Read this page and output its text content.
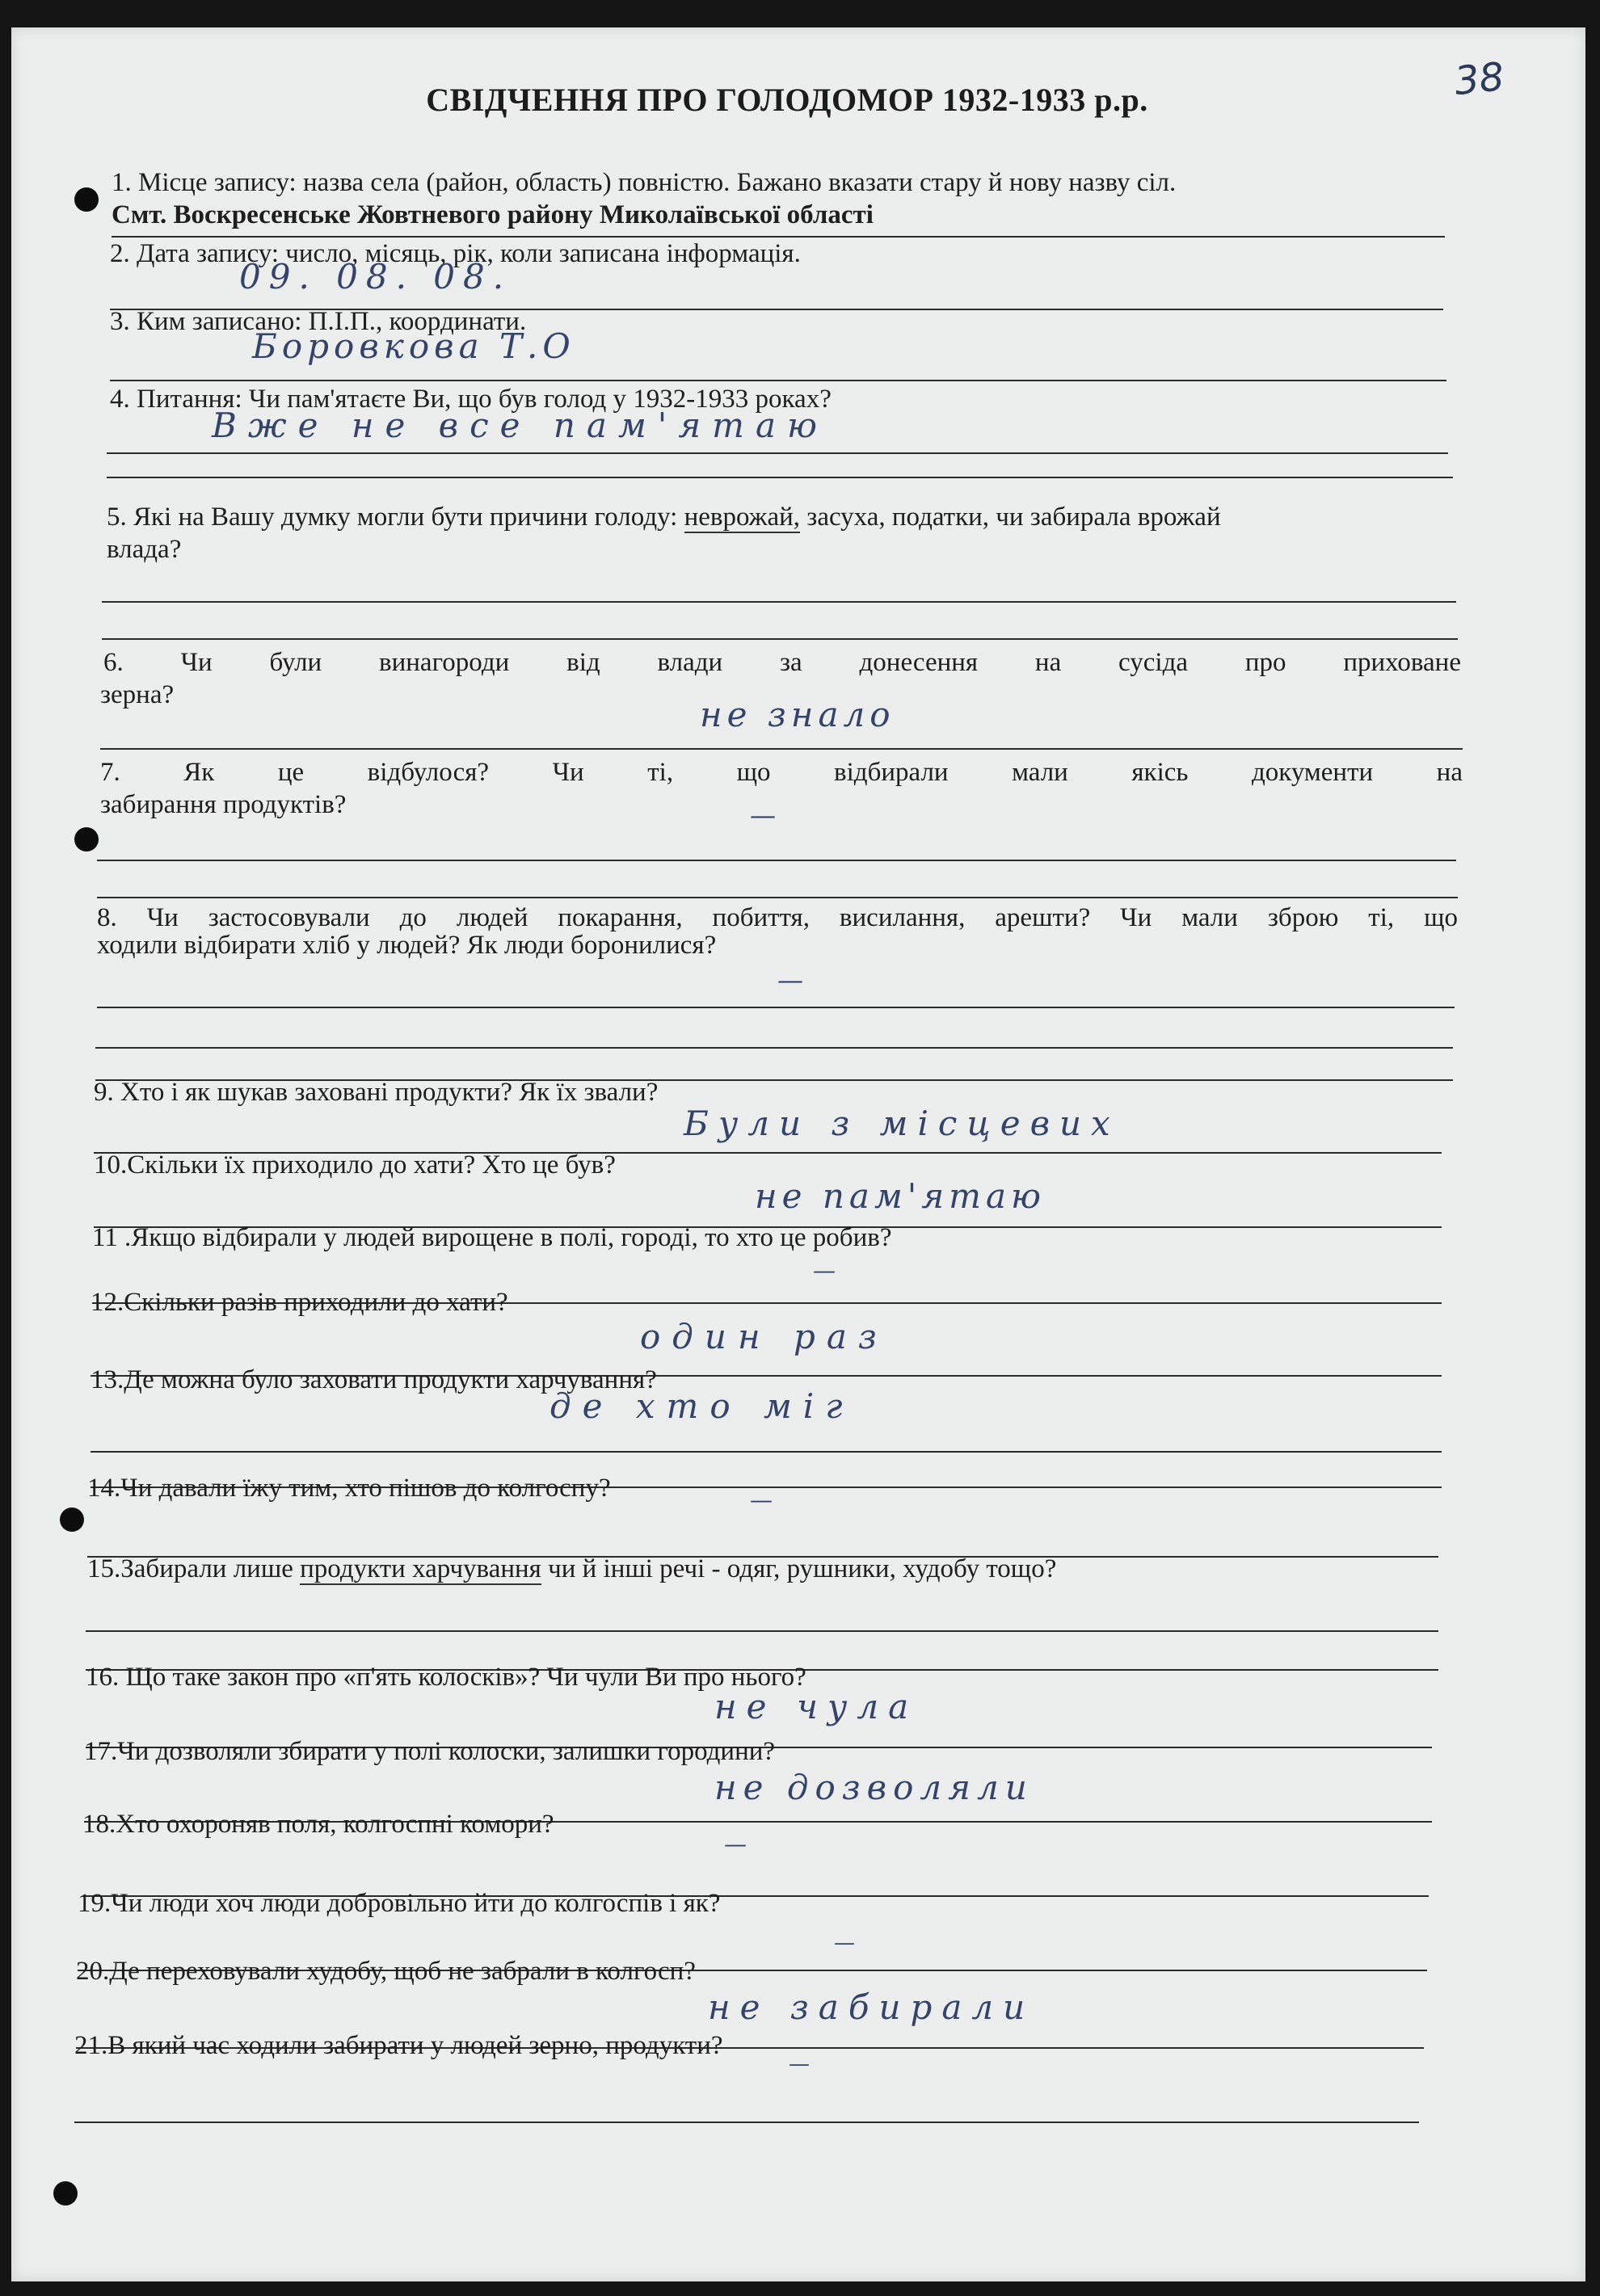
38
СВІДЧЕННЯ ПРО ГОЛОДОМОР 1932-1933 р.р.
1. Місце запису: назва села (район, область) повністю. Бажано вказати стару й нову назву сіл.
Смт. Воскресенське Жовтневого району Миколаївської області
2. Дата запису: число, місяць, рік, коли записана інформація.
09. 08. 08.
3. Ким записано: П.І.П., координати.
Боровкова Т.О
4. Питання: Чи пам'ятаєте Ви, що був голод у 1932-1933 роках?
Вже не все пам'ятаю
5. Які на Вашу думку могли бути причини голоду: неврожай, засуха, податки, чи забирала врожай
влада?
6. Чи були винагороди від влади за донесення на сусіда про приховане
зерна?	не знало
7. Як це відбулося? Чи ті, що відбирали мали якісь документи на
забирання продуктів?	—
8. Чи застосовували до людей покарання, побиття, висилання, арешти? Чи мали зброю ті, що
ходили відбирати хліб у людей? Як люди боронилися?
—
9. Хто і як шукав заховані продукти? Як їх звали?
Були з місцевих
10.Скільки їх приходило до хати? Хто це був?
не пам'ятаю
11 .Якщо відбирали у людей вирощене в полі, городі, то хто це робив?
—
12.Скільки разів приходили до хати?
один раз
13.Де можна було заховати продукти харчування?
де хто міг
14.Чи давали їжу тим, хто пішов до колгоспу?	—
15.Забирали лише продукти харчування чи й інші речі - одяг, рушники, худобу тощо?
16. Що таке закон про «п'ять колосків»? Чи чули Ви про нього?
не чула
17.Чи дозволяли збирати у полі колоски, залишки городини?
не дозволяли
18.Хто охороняв поля, колгоспні комори?
—
19.Чи люди хоч люди добровільно йти до колгоспів і як?
—
20.Де переховували худобу, щоб не забрали в колгосп?
не забирали
21.В який час ходили забирати у людей зерно, продукти?
—
